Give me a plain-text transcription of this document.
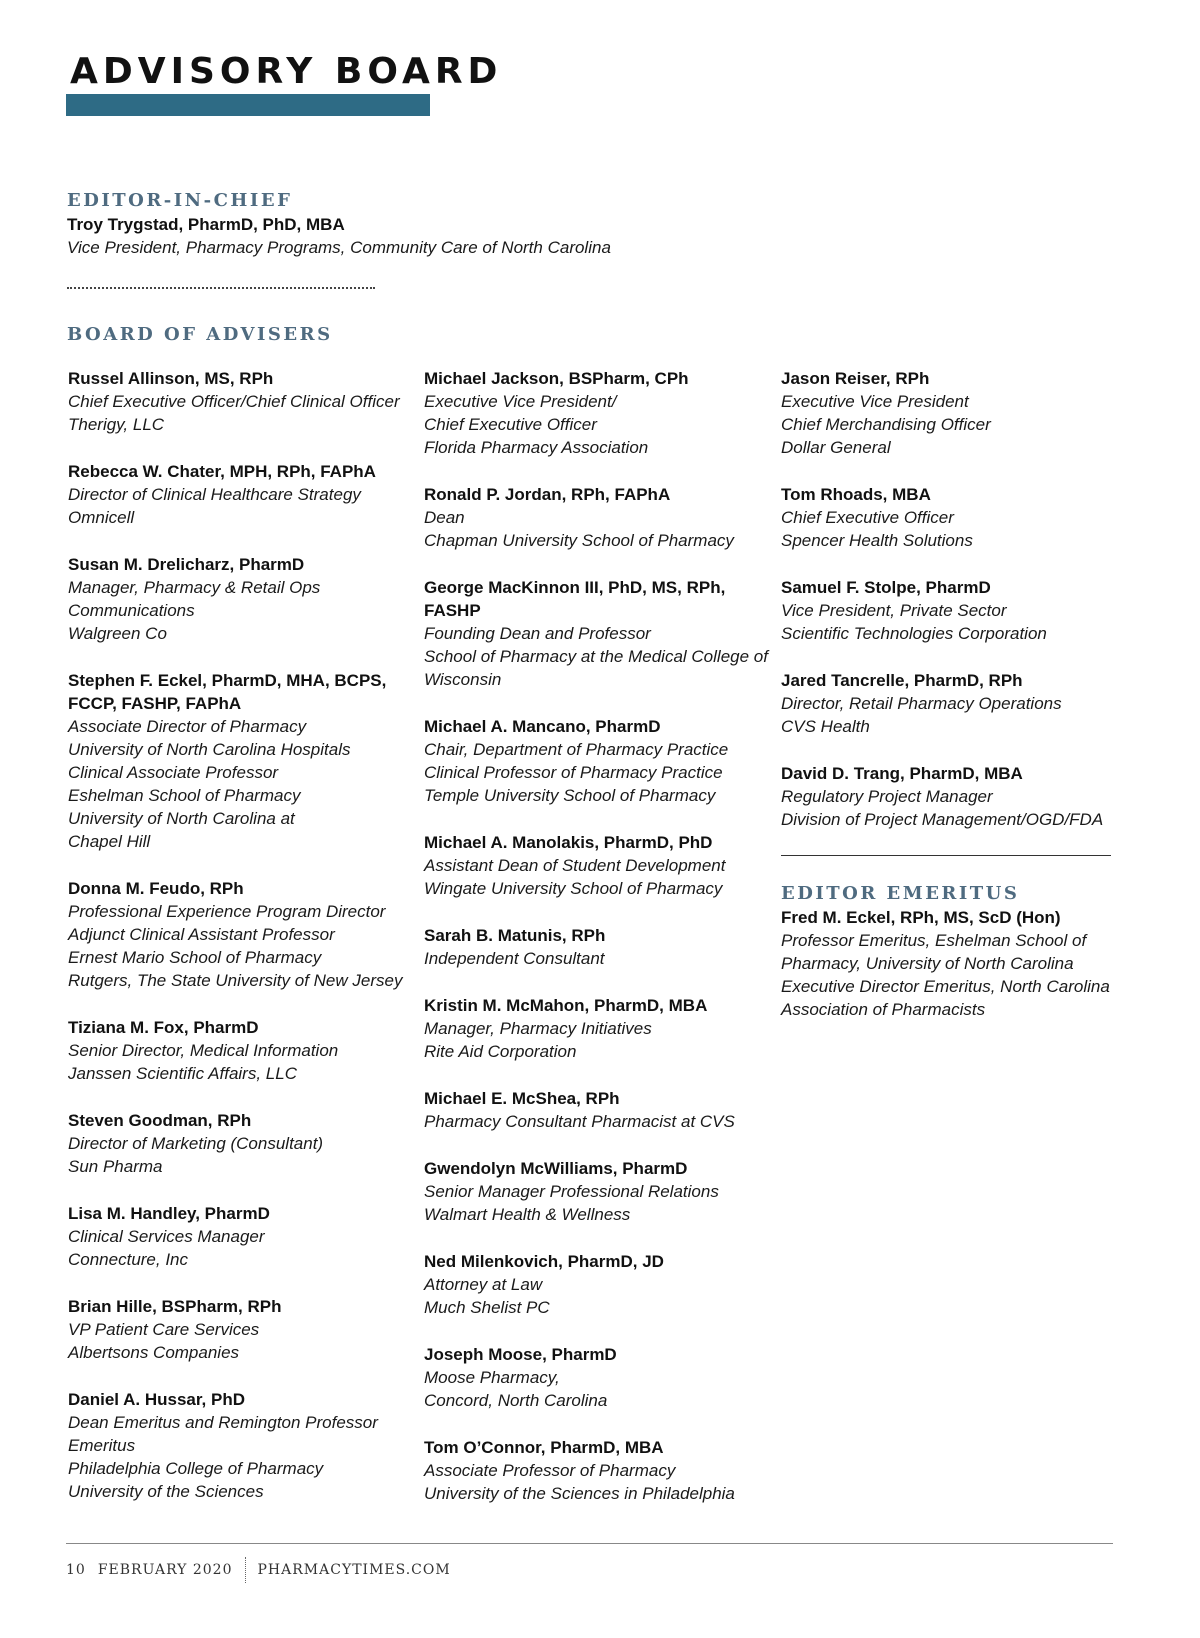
ADVISORY BOARD
EDITOR-IN-CHIEF
Troy Trygstad, PharmD, PhD, MBA
Vice President, Pharmacy Programs, Community Care of North Carolina
BOARD OF ADVISERS
Russel Allinson, MS, RPh
Chief Executive Officer/Chief Clinical Officer
Therigy, LLC
Rebecca W. Chater, MPH, RPh, FAPhA
Director of Clinical Healthcare Strategy
Omnicell
Susan M. Drelicharz, PharmD
Manager, Pharmacy & Retail Ops
Communications
Walgreen Co
Stephen F. Eckel, PharmD, MHA, BCPS, FCCP, FASHP, FAPhA
Associate Director of Pharmacy
University of North Carolina Hospitals
Clinical Associate Professor
Eshelman School of Pharmacy
University of North Carolina at
Chapel Hill
Donna M. Feudo, RPh
Professional Experience Program Director
Adjunct Clinical Assistant Professor
Ernest Mario School of Pharmacy
Rutgers, The State University of New Jersey
Tiziana M. Fox, PharmD
Senior Director, Medical Information
Janssen Scientific Affairs, LLC
Steven Goodman, RPh
Director of Marketing (Consultant)
Sun Pharma
Lisa M. Handley, PharmD
Clinical Services Manager
Connecture, Inc
Brian Hille, BSPharm, RPh
VP Patient Care Services
Albertsons Companies
Daniel A. Hussar, PhD
Dean Emeritus and Remington Professor
Emeritus
Philadelphia College of Pharmacy
University of the Sciences
Michael Jackson, BSPharm, CPh
Executive Vice President/
Chief Executive Officer
Florida Pharmacy Association
Ronald P. Jordan, RPh, FAPhA
Dean
Chapman University School of Pharmacy
George MacKinnon III, PhD, MS, RPh, FASHP
Founding Dean and Professor
School of Pharmacy at the Medical College of
Wisconsin
Michael A. Mancano, PharmD
Chair, Department of Pharmacy Practice
Clinical Professor of Pharmacy Practice
Temple University School of Pharmacy
Michael A. Manolakis, PharmD, PhD
Assistant Dean of Student Development
Wingate University School of Pharmacy
Sarah B. Matunis, RPh
Independent Consultant
Kristin M. McMahon, PharmD, MBA
Manager, Pharmacy Initiatives
Rite Aid Corporation
Michael E. McShea, RPh
Pharmacy Consultant Pharmacist at CVS
Gwendolyn McWilliams, PharmD
Senior Manager Professional Relations
Walmart Health & Wellness
Ned Milenkovich, PharmD, JD
Attorney at Law
Much Shelist PC
Joseph Moose, PharmD
Moose Pharmacy,
Concord, North Carolina
Tom O’Connor, PharmD, MBA
Associate Professor of Pharmacy
University of the Sciences in Philadelphia
Jason Reiser, RPh
Executive Vice President
Chief Merchandising Officer
Dollar General
Tom Rhoads, MBA
Chief Executive Officer
Spencer Health Solutions
Samuel F. Stolpe, PharmD
Vice President, Private Sector
Scientific Technologies Corporation
Jared Tancrelle, PharmD, RPh
Director, Retail Pharmacy Operations
CVS Health
David D. Trang, PharmD, MBA
Regulatory Project Manager
Division of Project Management/OGD/FDA
EDITOR EMERITUS
Fred M. Eckel, RPh, MS, ScD (Hon)
Professor Emeritus, Eshelman School of
Pharmacy, University of North Carolina
Executive Director Emeritus, North Carolina
Association of Pharmacists
10 FEBRUARY 2020 PHARMACYTIMES.COM
